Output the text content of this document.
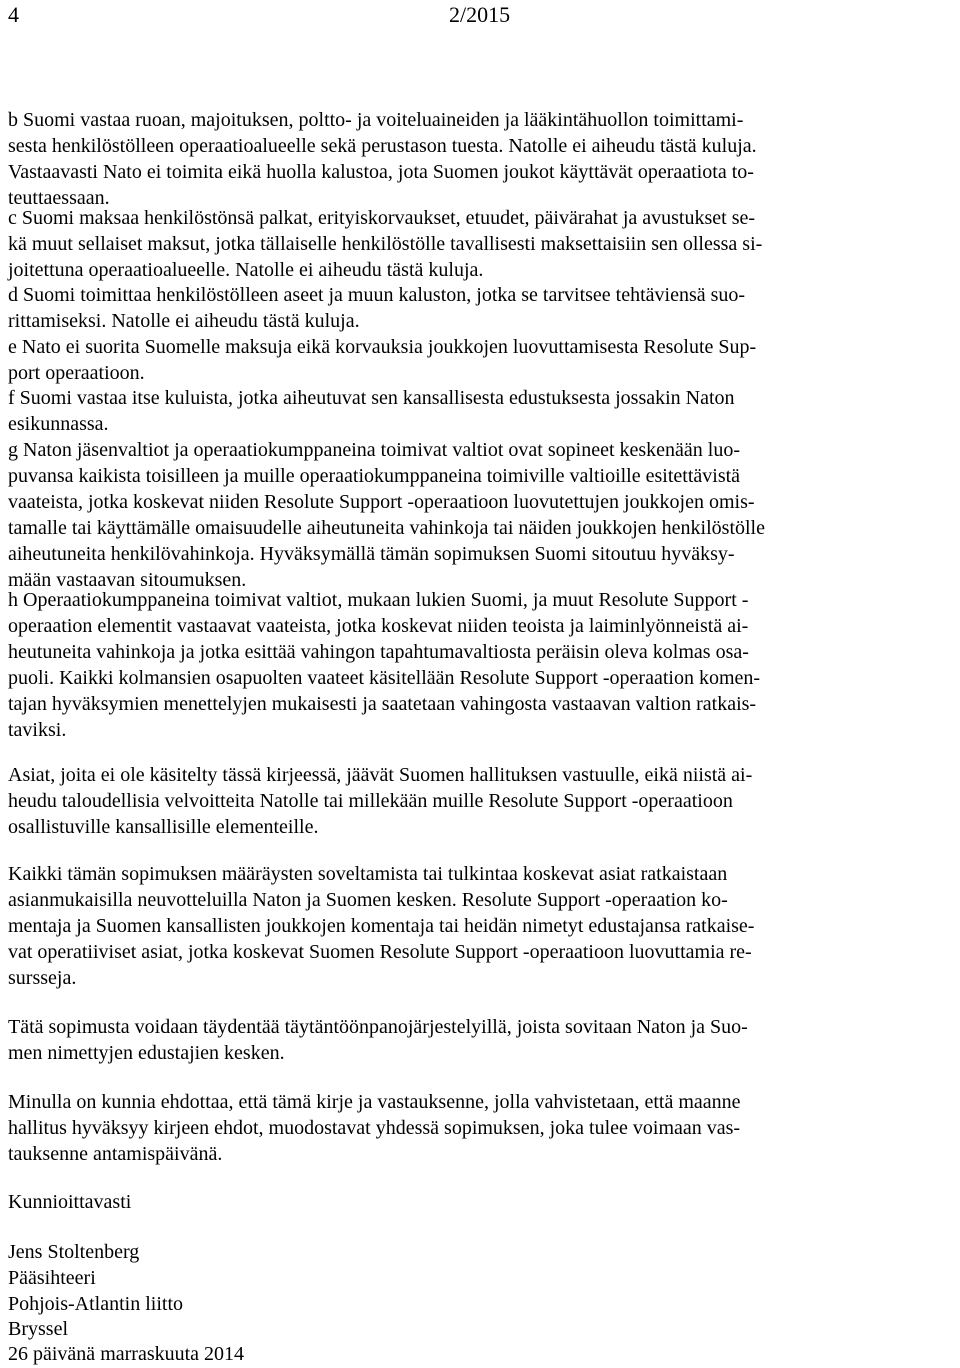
4	2/2015

b Suomi vastaa ruoan, majoituksen, poltto- ja voiteluaineiden ja lääkintähuollon toimittami-
sesta henkilöstölleen operaatioalueelle sekä perustason tuesta. Natolle ei aiheudu tästä kuluja.
Vastaavasti Nato ei toimita eikä huolla kalustoa, jota Suomen joukot käyttävät operaatiota to-
teuttaessaan.

c Suomi maksaa henkilöstönsä palkat, erityiskorvaukset, etuudet, päivärahat ja avustukset se-
kä muut sellaiset maksut, jotka tällaiselle henkilöstölle tavallisesti maksettaisiin sen ollessa si-
joitettuna operaatioalueelle. Natolle ei aiheudu tästä kuluja.

d Suomi toimittaa henkilöstölleen aseet ja muun kaluston, jotka se tarvitsee tehtäviensä suo-
rittamiseksi. Natolle ei aiheudu tästä kuluja.

e Nato ei suorita Suomelle maksuja eikä korvauksia joukkojen luovuttamisesta Resolute Sup-
port operaatioon.

f Suomi vastaa itse kuluista, jotka aiheutuvat sen kansallisesta edustuksesta jossakin Naton
esikunnassa.

g Naton jäsenvaltiot ja operaatiokumppaneina toimivat valtiot ovat sopineet keskenään luo-
puvansa kaikista toisilleen ja muille operaatiokumppaneina toimiville valtioille esitettävistä
vaateista, jotka koskevat niiden Resolute Support -operaatioon luovutettujen joukkojen omis-
tamalle tai käyttämälle omaisuudelle aiheutuneita vahinkoja tai näiden joukkojen henkilöstölle
aiheutuneita henkilövahinkoja. Hyväksymällä tämän sopimuksen Suomi sitoutuu hyväksy-
mään vastaavan sitoumuksen.

h Operaatiokumppaneina toimivat valtiot, mukaan lukien Suomi, ja muut Resolute Support -
operaation elementit vastaavat vaateista, jotka koskevat niiden teoista ja laiminlyönneistä ai-
heutuneita vahinkoja ja jotka esittää vahingon tapahtumavaltiosta peräisin oleva kolmas osa-
puoli. Kaikki kolmansien osapuolten vaateet käsitellään Resolute Support -operaation komen-
tajan hyväksymien menettelyjen mukaisesti ja saatetaan vahingosta vastaavan valtion ratkais-
taviksi.

Asiat, joita ei ole käsitelty tässä kirjeessä, jäävät Suomen hallituksen vastuulle, eikä niistä ai-
heudu taloudellisia velvoitteita Natolle tai millekään muille Resolute Support -operaatioon
osallistuville kansallisille elementeille.

Kaikki tämän sopimuksen määräysten soveltamista tai tulkintaa koskevat asiat ratkaistaan
asianmukaisilla neuvotteluilla Naton ja Suomen kesken. Resolute Support -operaation ko-
mentaja ja Suomen kansallisten joukkojen komentaja tai heidän nimetyt edustajansa ratkaise-
vat operatiiviset asiat, jotka koskevat Suomen Resolute Support -operaatioon luovuttamia re-
sursseja.

Tätä sopimusta voidaan täydentää täytäntöönpanojärjestelyillä, joista sovitaan Naton ja Suo-
men nimettyjen edustajien kesken.

Minulla on kunnia ehdottaa, että tämä kirje ja vastauksenne, jolla vahvistetaan, että maanne
hallitus hyväksyy kirjeen ehdot, muodostavat yhdessä sopimuksen, joka tulee voimaan vas-
tauksenne antamispäivänä.

Kunnioittavasti

Jens Stoltenberg

Pääsihteeri

Pohjois-Atlantin liitto

Bryssel

26 päivänä marraskuuta 2014
